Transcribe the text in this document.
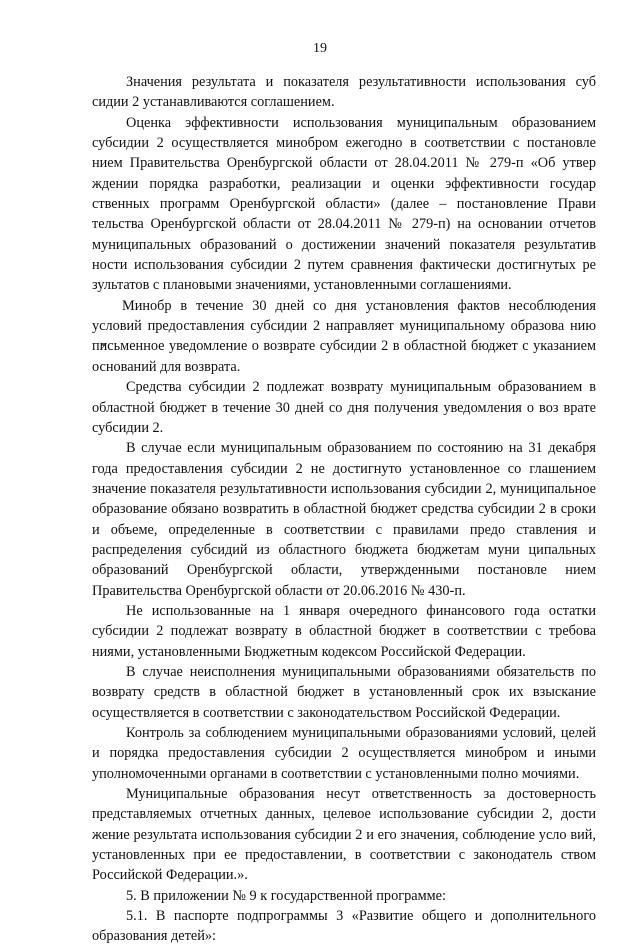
19

Значения результата и показателя результативности использования суб сидии 2 устанавливаются соглашением.

Оценка эффективности использования муниципальным образованием субсидии 2 осуществляется минобром ежегодно в соответствии с постановле нием Правительства Оренбургской области от 28.04.2011 № 279-п «Об утвер ждении порядка разработки, реализации и оценки эффективности государ ственных программ Оренбургской области» (далее – постановление Прави тельства Оренбургской области от 28.04.2011 № 279-п) на основании отчетов муниципальных образований о достижении значений показателя результатив ности использования субсидии 2 путем сравнения фактически достигнутых ре зультатов с плановыми значениями, установленными соглашениями.

Минобр в течение 30 дней со дня установления фактов несоблюдения условий предоставления субсидии 2 направляет муниципальному образова нию письменное уведомление о возврате субсидии 2 в областной бюджет с указанием оснований для возврата.

Средства субсидии 2 подлежат возврату муниципальным образованием в областной бюджет в течение 30 дней со дня получения уведомления о воз врате субсидии 2.

В случае если муниципальным образованием по состоянию на 31 декабря года предоставления субсидии 2 не достигнуто установленное со глашением значение показателя результативности использования субсидии 2, муниципальное образование обязано возвратить в областной бюджет средства субсидии 2 в сроки и объеме, определенные в соответствии с правилами предо ставления и распределения субсидий из областного бюджета бюджетам муни ципальных образований Оренбургской области, утвержденными постановле нием Правительства Оренбургской области от 20.06.2016 № 430-п.

Не использованные на 1 января очередного финансового года остатки субсидии 2 подлежат возврату в областной бюджет в соответствии с требова ниями, установленными Бюджетным кодексом Российской Федерации.

В случае неисполнения муниципальными образованиями обязательств по возврату средств в областной бюджет в установленный срок их взыскание осуществляется в соответствии с законодательством Российской Федерации.

Контроль за соблюдением муниципальными образованиями условий, целей и порядка предоставления субсидии 2 осуществляется минобром и иными уполномоченными органами в соответствии с установленными полно мочиями.

Муниципальные образования несут ответственность за достоверность представляемых отчетных данных, целевое использование субсидии 2, дости жение результата использования субсидии 2 и его значения, соблюдение усло вий, установленных при ее предоставлении, в соответствии с законодатель ством Российской Федерации.».

5. В приложении № 9 к государственной программе:

5.1. В паспорте подпрограммы 3 «Развитие общего и дополнительного образования детей»:
